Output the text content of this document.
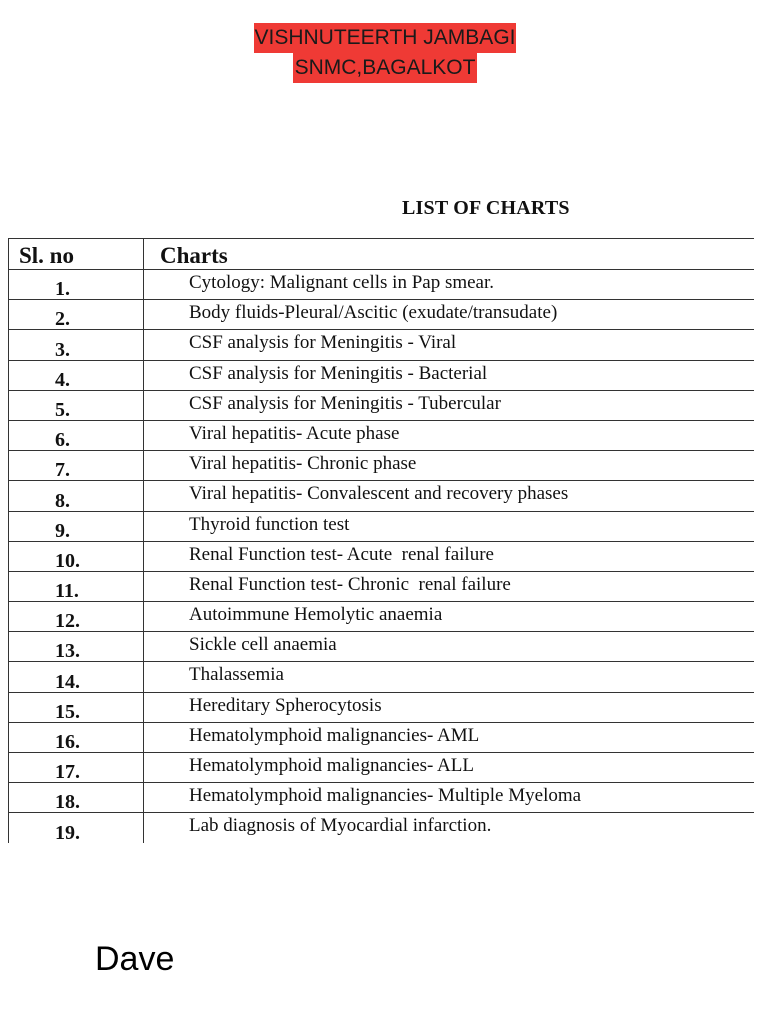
VISHNUTEERTH JAMBAGI
SNMC,BAGALKOT
LIST OF CHARTS
Sl. no	Charts
1.	Cytology: Malignant cells in Pap smear.
2.	Body fluids-Pleural/Ascitic (exudate/transudate)
3.	CSF analysis for Meningitis - Viral
4.	CSF analysis for Meningitis - Bacterial
5.	CSF analysis for Meningitis - Tubercular
6.	Viral hepatitis- Acute phase
7.	Viral hepatitis- Chronic phase
8.	Viral hepatitis- Convalescent and recovery phases
9.	Thyroid function test
10.	Renal Function test- Acute  renal failure
11.	Renal Function test- Chronic  renal failure
12.	Autoimmune Hemolytic anaemia
13.	Sickle cell anaemia
14.	Thalassemia
15.	Hereditary Spherocytosis
16.	Hematolymphoid malignancies- AML
17.	Hematolymphoid malignancies- ALL
18.	Hematolymphoid malignancies- Multiple Myeloma
19.	Lab diagnosis of Myocardial infarction.
Dave
